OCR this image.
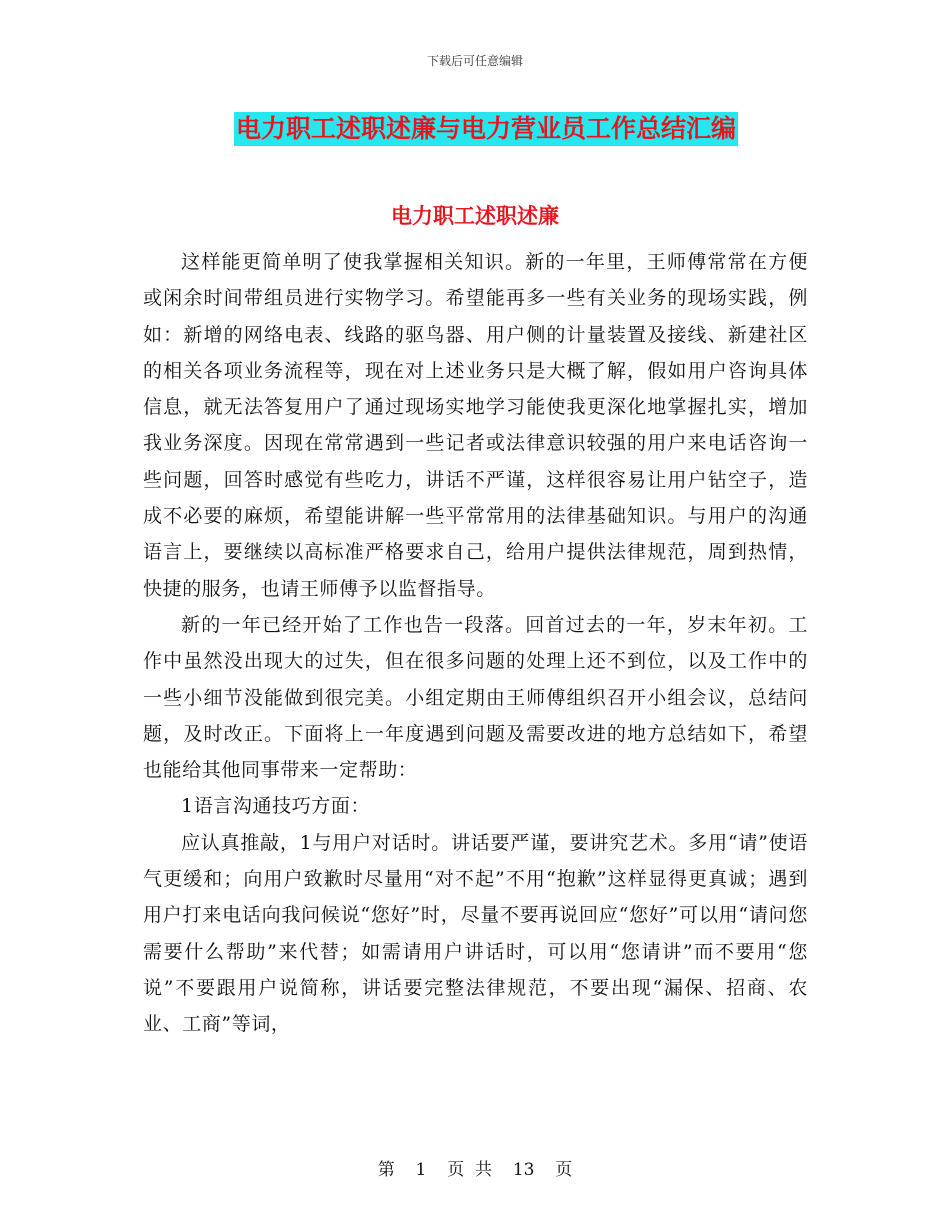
下载后可任意编辑
电力职工述职述廉与电力营业员工作总结汇编
电力职工述职述廉

这样能更简单明了使我掌握相关知识。新的一年里，王师傅常常在方便或闲余时间带组员进行实物学习。希望能再多一些有关业务的现场实践，例如：新增的网络电表、线路的驱鸟器、用户侧的计量装置及接线、新建社区的相关各项业务流程等，现在对上述业务只是大概了解，假如用户咨询具体信息，就无法答复用户了通过现场实地学习能使我更深化地掌握扎实，增加我业务深度。因现在常常遇到一些记者或法律意识较强的用户来电话咨询一些问题，回答时感觉有些吃力，讲话不严谨，这样很容易让用户钻空子，造成不必要的麻烦，希望能讲解一些平常常用的法律基础知识。与用户的沟通语言上，要继续以高标准严格要求自己，给用户提供法律规范，周到热情，快捷的服务，也请王师傅予以监督指导。

新的一年已经开始了工作也告一段落。回首过去的一年，岁末年初。工作中虽然没出现大的过失，但在很多问题的处理上还不到位，以及工作中的一些小细节没能做到很完美。小组定期由王师傅组织召开小组会议，总结问题，及时改正。下面将上一年度遇到问题及需要改进的地方总结如下，希望也能给其他同事带来一定帮助：

1语言沟通技巧方面：

应认真推敲，1与用户对话时。讲话要严谨，要讲究艺术。多用“请”使语气更缓和；向用户致歉时尽量用“对不起”不用“抱歉”这样显得更真诚；遇到用户打来电话向我问候说“您好”时，尽量不要再说回应“您好”可以用“请问您需要什么帮助”来代替；如需请用户讲话时，可以用“您请讲”而不要用“您说”不要跟用户说简称，讲话要完整法律规范，不要出现“漏保、招商、农业、工商”等词，

第 1 页  共 13 页
